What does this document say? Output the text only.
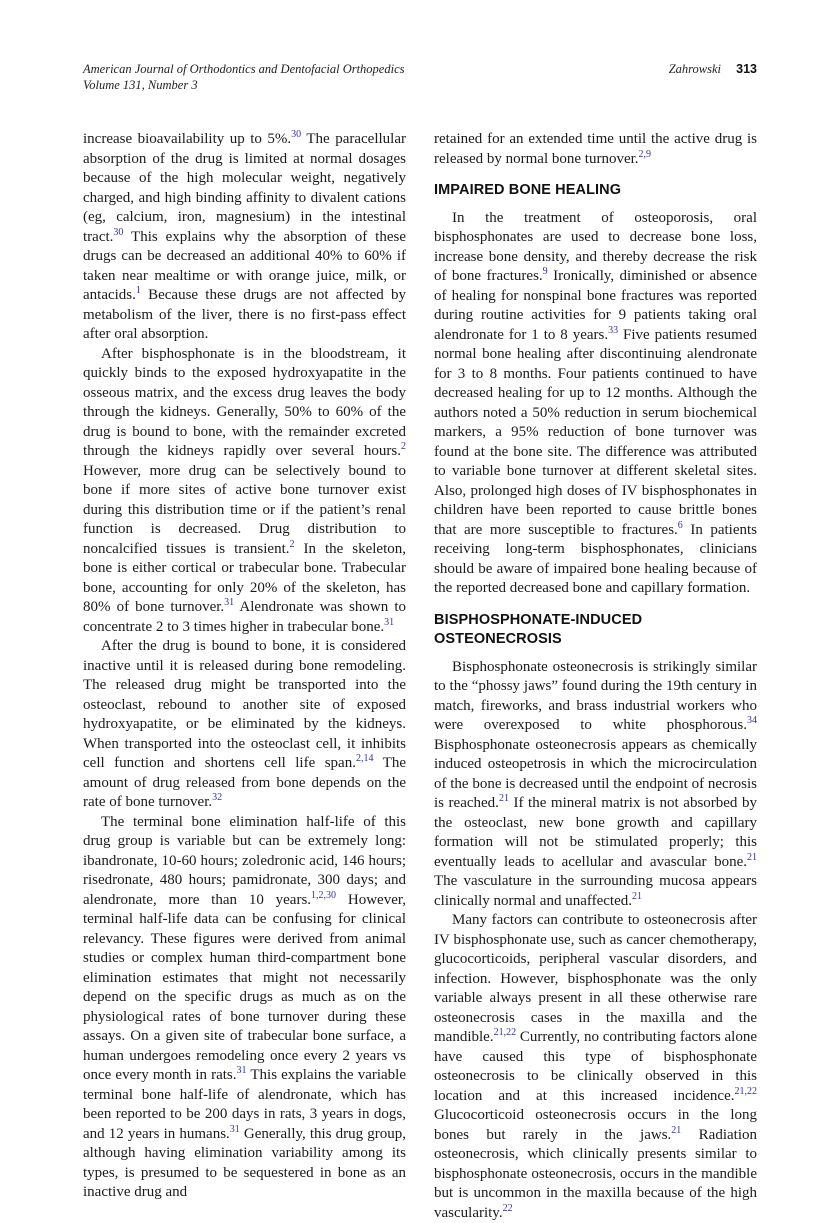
American Journal of Orthodontics and Dentofacial Orthopedics
Volume 131, Number 3
Zahrowski 313

increase bioavailability up to 5%.$^{30}$ The paracellular absorption of the drug is limited at normal dosages because of the high molecular weight, negatively charged, and high binding affinity to divalent cations (eg, calcium, iron, magnesium) in the intestinal tract.$^{30}$ This explains why the absorption of these drugs can be decreased an additional 40% to 60% if taken near mealtime or with orange juice, milk, or antacids.$^1$ Because these drugs are not affected by metabolism of the liver, there is no first-pass effect after oral absorption.

After bisphosphonate is in the bloodstream, it quickly binds to the exposed hydroxyapatite in the osseous matrix, and the excess drug leaves the body through the kidneys. Generally, 50% to 60% of the drug is bound to bone, with the remainder excreted through the kidneys rapidly over several hours.$^2$ However, more drug can be selectively bound to bone if more sites of active bone turnover exist during this distribution time or if the patient’s renal function is decreased. Drug distribution to noncalcified tissues is transient.$^2$ In the skeleton, bone is either cortical or trabecular bone. Trabecular bone, accounting for only 20% of the skeleton, has 80% of bone turnover.$^{31}$ Alendronate was shown to concentrate 2 to 3 times higher in trabecular bone.$^{31}$

After the drug is bound to bone, it is considered inactive until it is released during bone remodeling. The released drug might be transported into the osteoclast, rebound to another site of exposed hydroxyapatite, or be eliminated by the kidneys. When transported into the osteoclast cell, it inhibits cell function and shortens cell life span.$^{2,14}$ The amount of drug released from bone depends on the rate of bone turnover.$^{32}$

The terminal bone elimination half-life of this drug group is variable but can be extremely long: ibandronate, 10-60 hours; zoledronic acid, 146 hours; risedronate, 480 hours; pamidronate, 300 days; and alendronate, more than 10 years.$^{1,2,30}$ However, terminal half-life data can be confusing for clinical relevancy. These figures were derived from animal studies or complex human third-compartment bone elimination estimates that might not necessarily depend on the specific drugs as much as on the physiological rates of bone turnover during these assays. On a given site of trabecular bone surface, a human undergoes remodeling once every 2 years vs once every month in rats.$^{31}$ This explains the variable terminal bone half-life of alendronate, which has been reported to be 200 days in rats, 3 years in dogs, and 12 years in humans.$^{31}$ Generally, this drug group, although having elimination variability among its types, is presumed to be sequestered in bone as an inactive drug and

retained for an extended time until the active drug is released by normal bone turnover.$^{2,9}$

IMPAIRED BONE HEALING

In the treatment of osteoporosis, oral bisphosphonates are used to decrease bone loss, increase bone density, and thereby decrease the risk of bone fractures.$^9$ Ironically, diminished or absence of healing for nonspinal bone fractures was reported during routine activities for 9 patients taking oral alendronate for 1 to 8 years.$^{33}$ Five patients resumed normal bone healing after discontinuing alendronate for 3 to 8 months. Four patients continued to have decreased healing for up to 12 months. Although the authors noted a 50% reduction in serum biochemical markers, a 95% reduction of bone turnover was found at the bone site. The difference was attributed to variable bone turnover at different skeletal sites. Also, prolonged high doses of IV bisphosphonates in children have been reported to cause brittle bones that are more susceptible to fractures.$^6$ In patients receiving long-term bisphosphonates, clinicians should be aware of impaired bone healing because of the reported decreased bone and capillary formation.

BISPHOSPHONATE-INDUCED OSTEONECROSIS

Bisphosphonate osteonecrosis is strikingly similar to the “phossy jaws” found during the 19th century in match, fireworks, and brass industrial workers who were overexposed to white phosphorous.$^{34}$ Bisphosphonate osteonecrosis appears as chemically induced osteopetrosis in which the microcirculation of the bone is decreased until the endpoint of necrosis is reached.$^{21}$ If the mineral matrix is not absorbed by the osteoclast, new bone growth and capillary formation will not be stimulated properly; this eventually leads to acellular and avascular bone.$^{21}$ The vasculature in the surrounding mucosa appears clinically normal and unaffected.$^{21}$

Many factors can contribute to osteonecrosis after IV bisphosphonate use, such as cancer chemotherapy, glucocorticoids, peripheral vascular disorders, and infection. However, bisphosphonate was the only variable always present in all these otherwise rare osteonecrosis cases in the maxilla and the mandible.$^{21,22}$ Currently, no contributing factors alone have caused this type of bisphosphonate osteonecrosis to be clinically observed in this location and at this increased incidence.$^{21,22}$ Glucocorticoid osteonecrosis occurs in the long bones but rarely in the jaws.$^{21}$ Radiation osteonecrosis, which clinically presents similar to bisphosphonate osteonecrosis, occurs in the mandible but is uncommon in the maxilla because of the high vascularity.$^{22}$
